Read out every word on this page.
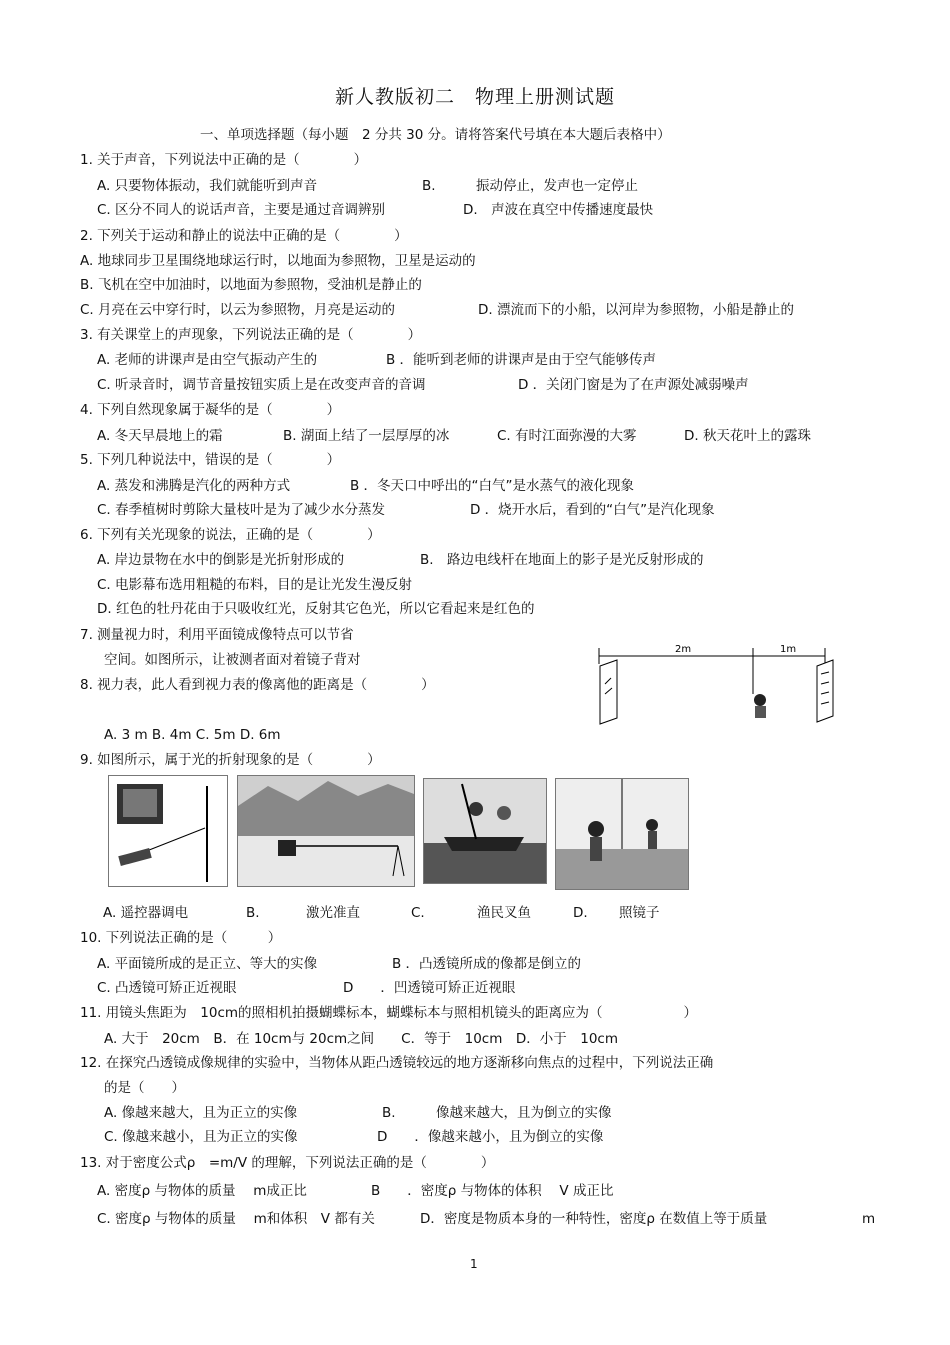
新人教版初二　物理上册测试题
一、单项选择题（每小题　2 分共 30 分。请将答案代号填在本大题后表格中）
1. 关于声音，下列说法中正确的是（　　　　）
A. 只要物体振动，我们就能听到声音	B.　　　振动停止，发声也一定停止
C. 区分不同人的说话声音，主要是通过音调辨别	D.　声波在真空中传播速度最快
2. 下列关于运动和静止的说法中正确的是（　　　　）
A. 地球同步卫星围绕地球运行时，以地面为参照物，卫星是运动的
B. 飞机在空中加油时，以地面为参照物，受油机是静止的
C. 月亮在云中穿行时，以云为参照物，月亮是运动的	D. 漂流而下的小船，以河岸为参照物，小船是静止的
3. 有关课堂上的声现象，下列说法正确的是（　　　　）
A. 老师的讲课声是由空气振动产生的	B ．能听到老师的讲课声是由于空气能够传声
C. 听录音时，调节音量按钮实质上是在改变声音的音调	D ．关闭门窗是为了在声源处减弱噪声
4. 下列自然现象属于凝华的是（　　　　）
A. 冬天早晨地上的霜	B. 湖面上结了一层厚厚的冰	C. 有时江面弥漫的大雾	D. 秋天花叶上的露珠
5. 下列几种说法中，错误的是（　　　　）
A. 蒸发和沸腾是汽化的两种方式	B ．冬天口中呼出的“白气”是水蒸气的液化现象
C. 春季植树时剪除大量枝叶是为了减少水分蒸发	D ．烧开水后，看到的“白气”是汽化现象
6. 下列有关光现象的说法，正确的是（　　　　）
A. 岸边景物在水中的倒影是光折射形成的	B.　路边电线杆在地面上的影子是光反射形成的
C. 电影幕布选用粗糙的布料，目的是让光发生漫反射
D. 红色的牡丹花由于只吸收红光，反射其它色光，所以它看起来是红色的
7. 测量视力时，利用平面镜成像特点可以节省
空间。如图所示，让被测者面对着镜子背对
8. 视力表，此人看到视力表的像离他的距离是（　　　　）
A. 3 m B. 4m C. 5m D. 6m
2m	1m
9. 如图所示，属于光的折射现象的是（　　　　）
A. 遥控器调电	B.	激光准直	C.	渔民叉鱼	D. 照镜子
10. 下列说法正确的是（　　　）
A. 平面镜所成的是正立、等大的实像	B ．凸透镜所成的像都是倒立的
C. 凸透镜可矫正近视眼	D　　．凹透镜可矫正近视眼
11. 用镜头焦距为　10cm的照相机拍摄蝴蝶标本，蝴蝶标本与照相机镜头的距离应为（　　　　　　）
A. 大于　20cm　B．在 10cm与 20cm之间　　C．等于　10cm　D．小于　10cm
12. 在探究凸透镜成像规律的实验中，当物体从距凸透镜较远的地方逐渐移向焦点的过程中，下列说法正确
的是（　　）
A. 像越来越大，且为正立的实像	B.　　　像越来越大，且为倒立的实像
C. 像越来越小，且为正立的实像	D　　．像越来越小，且为倒立的实像
13. 对于密度公式ρ　=m/V 的理解，下列说法正确的是（　　　　）
A. 密度ρ 与物体的质量　 m成正比	B　　．密度ρ 与物体的体积　 V 成正比
C. 密度ρ 与物体的质量　 m和体积　V 都有关	D．密度是物质本身的一种特性，密度ρ 在数值上等于质量	m
1
